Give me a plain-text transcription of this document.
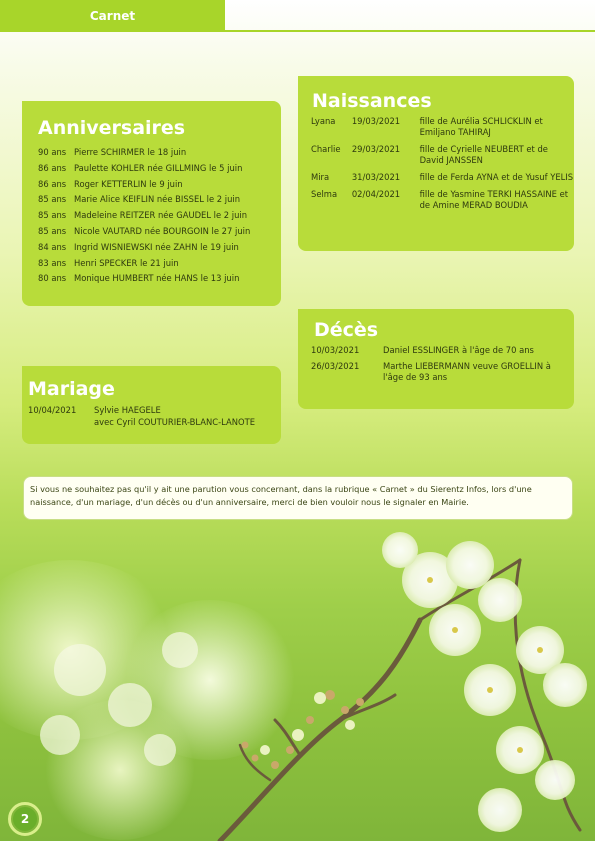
Carnet
Anniversaires
90 ans Pierre SCHIRMER le 18 juin
86 ans Paulette KOHLER née GILLMING le 5 juin
86 ans Roger KETTERLIN le 9 juin
85 ans Marie Alice KEIFLIN née BISSEL le 2 juin
85 ans Madeleine REITZER née GAUDEL le 2 juin
85 ans Nicole VAUTARD née BOURGOIN le 27 juin
84 ans Ingrid WISNIEWSKI née ZAHN le 19 juin
83 ans Henri SPECKER le 21 juin
80 ans Monique HUMBERT née HANS le 13 juin
Naissances
Lyana	19/03/2021	fille de Aurélia SCHLICKLIN et Emiljano TAHIRAJ
Charlie	29/03/2021	fille de Cyrielle NEUBERT et de David JANSSEN
Mira	31/03/2021	fille de Ferda AYNA et de Yusuf YELIS
Selma	02/04/2021	fille de Yasmine TERKI HASSAINE et de Amine MERAD BOUDIA
Décès
10/03/2021	Daniel ESSLINGER à l'âge de 70 ans
26/03/2021	Marthe LIEBERMANN veuve GROELLIN à l'âge de 93 ans
Mariage
10/04/2021	Sylvie HAEGELE
avec Cyril COUTURIER-BLANC-LANOTE
Si vous ne souhaitez pas qu'il y ait une parution vous concernant, dans la rubrique « Carnet » du Sierentz Infos, lors d'une naissance, d'un mariage, d'un décès ou d'un anniversaire, merci de bien vouloir nous le signaler en Mairie.
2
